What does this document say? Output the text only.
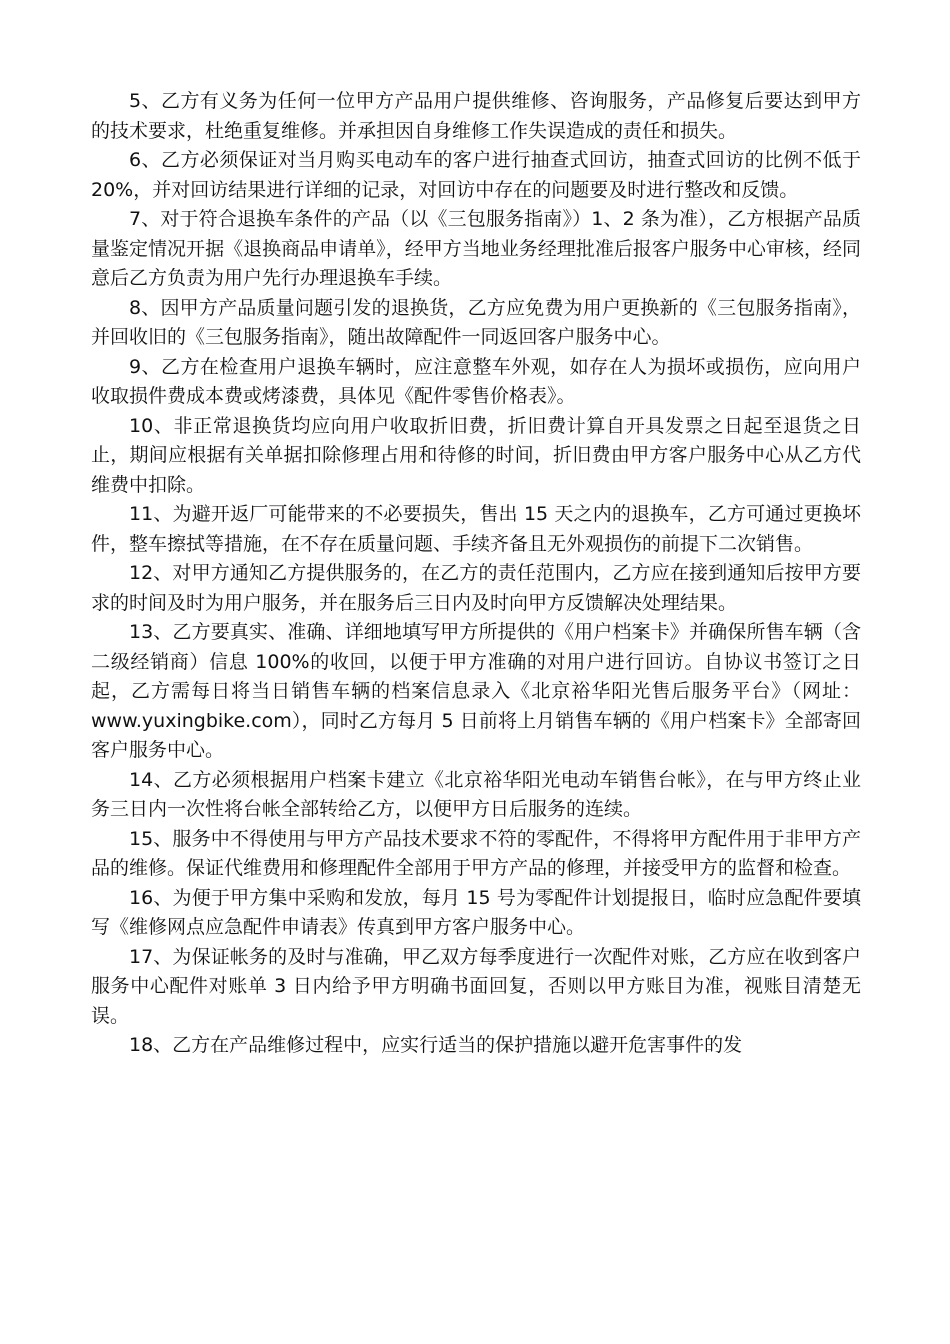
5、乙方有义务为任何一位甲方产品用户提供维修、咨询服务，产品修复后要达到甲方的技术要求，杜绝重复维修。并承担因自身维修工作失误造成的责任和损失。

6、乙方必须保证对当月购买电动车的客户进行抽查式回访，抽查式回访的比例不低于 20%，并对回访结果进行详细的记录，对回访中存在的问题要及时进行整改和反馈。

7、对于符合退换车条件的产品（以《三包服务指南》）1、2 条为准），乙方根据产品质量鉴定情况开据《退换商品申请单》，经甲方当地业务经理批准后报客户服务中心审核，经同意后乙方负责为用户先行办理退换车手续。

8、因甲方产品质量问题引发的退换货，乙方应免费为用户更换新的《三包服务指南》，并回收旧的《三包服务指南》，随出故障配件一同返回客户服务中心。

9、乙方在检查用户退换车辆时，应注意整车外观，如存在人为损坏或损伤，应向用户收取损件费成本费或烤漆费，具体见《配件零售价格表》。

10、非正常退换货均应向用户收取折旧费，折旧费计算自开具发票之日起至退货之日止，期间应根据有关单据扣除修理占用和待修的时间，折旧费由甲方客户服务中心从乙方代维费中扣除。

11、为避开返厂可能带来的不必要损失，售出 15 天之内的退换车，乙方可通过更换坏件，整车擦拭等措施，在不存在质量问题、手续齐备且无外观损伤的前提下二次销售。

12、对甲方通知乙方提供服务的，在乙方的责任范围内，乙方应在接到通知后按甲方要求的时间及时为用户服务，并在服务后三日内及时向甲方反馈解决处理结果。

13、乙方要真实、准确、详细地填写甲方所提供的《用户档案卡》并确保所售车辆（含二级经销商）信息 100%的收回，以便于甲方准确的对用户进行回访。自协议书签订之日起，乙方需每日将当日销售车辆的档案信息录入《北京裕华阳光售后服务平台》（网址：www.yuxingbike.com），同时乙方每月 5 日前将上月销售车辆的《用户档案卡》全部寄回客户服务中心。

14、乙方必须根据用户档案卡建立《北京裕华阳光电动车销售台帐》，在与甲方终止业务三日内一次性将台帐全部转给乙方，以便甲方日后服务的连续。

15、服务中不得使用与甲方产品技术要求不符的零配件，不得将甲方配件用于非甲方产品的维修。保证代维费用和修理配件全部用于甲方产品的修理，并接受甲方的监督和检查。

16、为便于甲方集中采购和发放，每月 15 号为零配件计划提报日，临时应急配件要填写《维修网点应急配件申请表》传真到甲方客户服务中心。

17、为保证帐务的及时与准确，甲乙双方每季度进行一次配件对账，乙方应在收到客户服务中心配件对账单 3 日内给予甲方明确书面回复，否则以甲方账目为准，视账目清楚无误。

18、乙方在产品维修过程中，应实行适当的保护措施以避开危害事件的发
